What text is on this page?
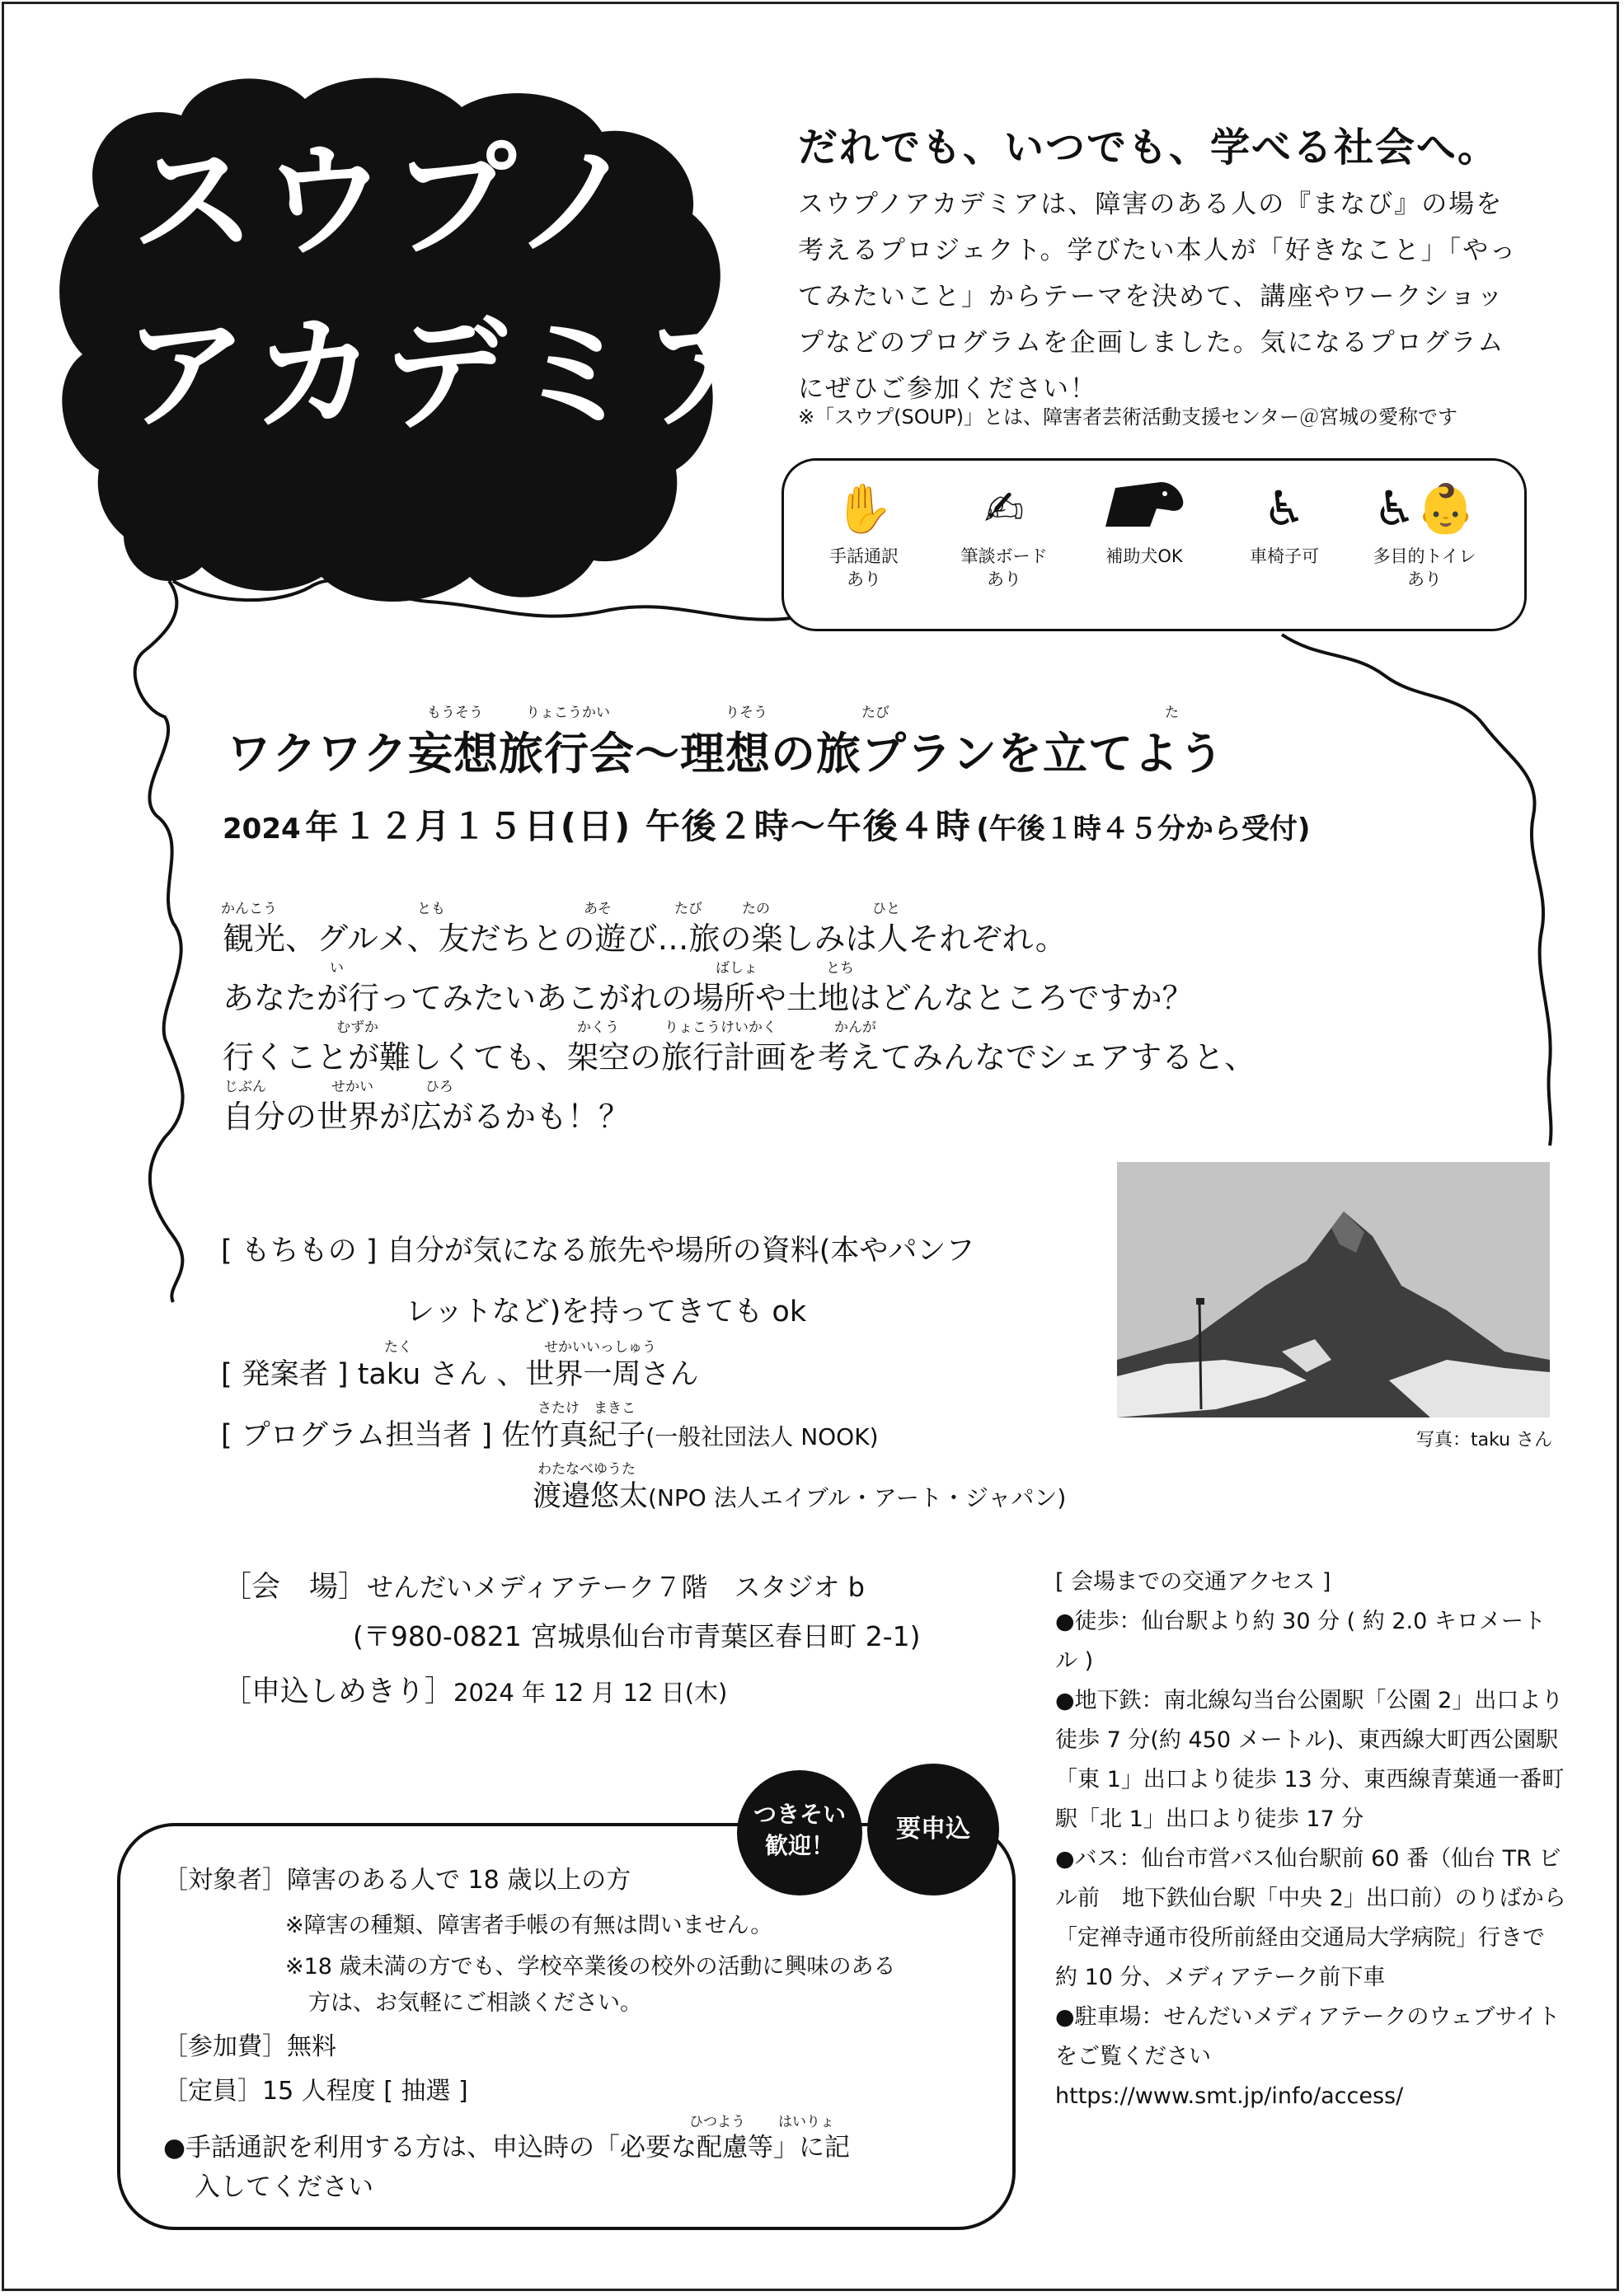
スウプノ
アカデミア
だれでも、いつでも、学べる社会へ。
スウプノアカデミアは、障害のある人の『まなび』の場を
考えるプロジェクト。学びたい本人が「好きなこと」「やっ
てみたいこと」からテーマを決めて、講座やワークショッ
プなどのプログラムを企画しました。気になるプログラム
にぜひご参加ください！
※「スウプ(SOUP)」とは、障害者芸術活動支援センター＠宮城の愛称です
✋
手話通訳
あり
✍
筆談ボード
あり
補助犬OK
♿
車椅子可
♿👶
多目的トイレ
あり
もうそう	りょこうかい	りそう	たび	た
ワクワク妄想旅行会～理想の旅プランを立てよう
2024 年 １２月１５日(日) 午後２時～午後４時 (午後１時４５分から受付)
かんこう	とも	あそ	たび	たの	ひと
観光、グルメ、友だちとの遊び…旅の楽しみは人それぞれ。
い	ばしょ	とち
あなたが行ってみたいあこがれの場所や土地はどんなところですか？
むずか	かくう	りょこうけいかく	かんが
行くことが難しくても、架空の旅行計画を考えてみんなでシェアすると、
じぶん	せかい	ひろ
自分の世界が広がるかも！？
写真：taku さん
[ もちもの ] 自分が気になる旅先や場所の資料(本やパンフ
レットなど)を持ってきても ok
たく	せかいいっしゅう
[ 発案者 ] taku さん 、世界一周さん
さたけ　まきこ
[ プログラム担当者 ] 佐竹真紀子(一般社団法人 NOOK)
わたなべゆうた
渡邉悠太(NPO 法人エイブル・アート・ジャパン)
［会　場］せんだいメディアテーク７階　スタジオ b
(〒980-0821 宮城県仙台市青葉区春日町 2-1)
［申込しめきり］2024 年 12 月 12 日(木)
[ 会場までの交通アクセス ]
●徒歩：仙台駅より約 30 分 ( 約 2.0 キロメートル )
●地下鉄：南北線勾当台公園駅「公園 2」出口より徒歩 7 分(約 450 メートル)、東西線大町西公園駅「東 1」出口より徒歩 13 分、東西線青葉通一番町駅「北 1」出口より徒歩 17 分
●バス：仙台市営バス仙台駅前 60 番（仙台 TR ビル前　地下鉄仙台駅「中央 2」出口前）のりばから「定禅寺通市役所前経由交通局大学病院」行きで約 10 分、メディアテーク前下車
●駐車場：せんだいメディアテークのウェブサイトをご覧ください
https://www.smt.jp/info/access/
［対象者］障害のある人で 18 歳以上の方
※障害の種類、障害者手帳の有無は問いません。
※18 歳未満の方でも、学校卒業後の校外の活動に興味のある
方は、お気軽にご相談ください。
［参加費］無料
［定員］15 人程度 [ 抽選 ]
ひつよう はいりょ
●手話通訳を利用する方は、申込時の「必要な配慮等」に記
入してください
つきそい
歓迎！
要申込
